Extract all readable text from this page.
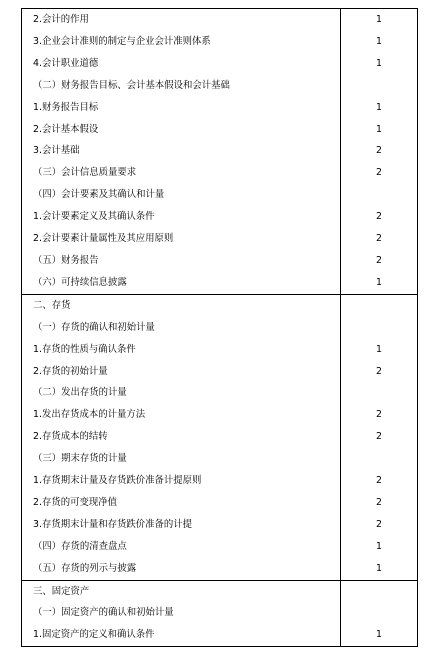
2.会计的作用	1
3.企业会计准则的制定与企业会计准则体系	1
4.会计职业道德	1
（二）财务报告目标、会计基本假设和会计基础	
1.财务报告目标	1
2.会计基本假设	1
3.会计基础	2
（三）会计信息质量要求	2
（四）会计要素及其确认和计量	
1.会计要素定义及其确认条件	2
2.会计要素计量属性及其应用原则	2
（五）财务报告	2
（六）可持续信息披露	1
二、存货	
（一）存货的确认和初始计量	
1.存货的性质与确认条件	1
2.存货的初始计量	2
（二）发出存货的计量	
1.发出存货成本的计量方法	2
2.存货成本的结转	2
（三）期末存货的计量	
1.存货期末计量及存货跌价准备计提原则	2
2.存货的可变现净值	2
3.存货期末计量和存货跌价准备的计提	2
（四）存货的清查盘点	1
（五）存货的列示与披露	1
三、固定资产	
（一）固定资产的确认和初始计量	
1.固定资产的定义和确认条件	1
